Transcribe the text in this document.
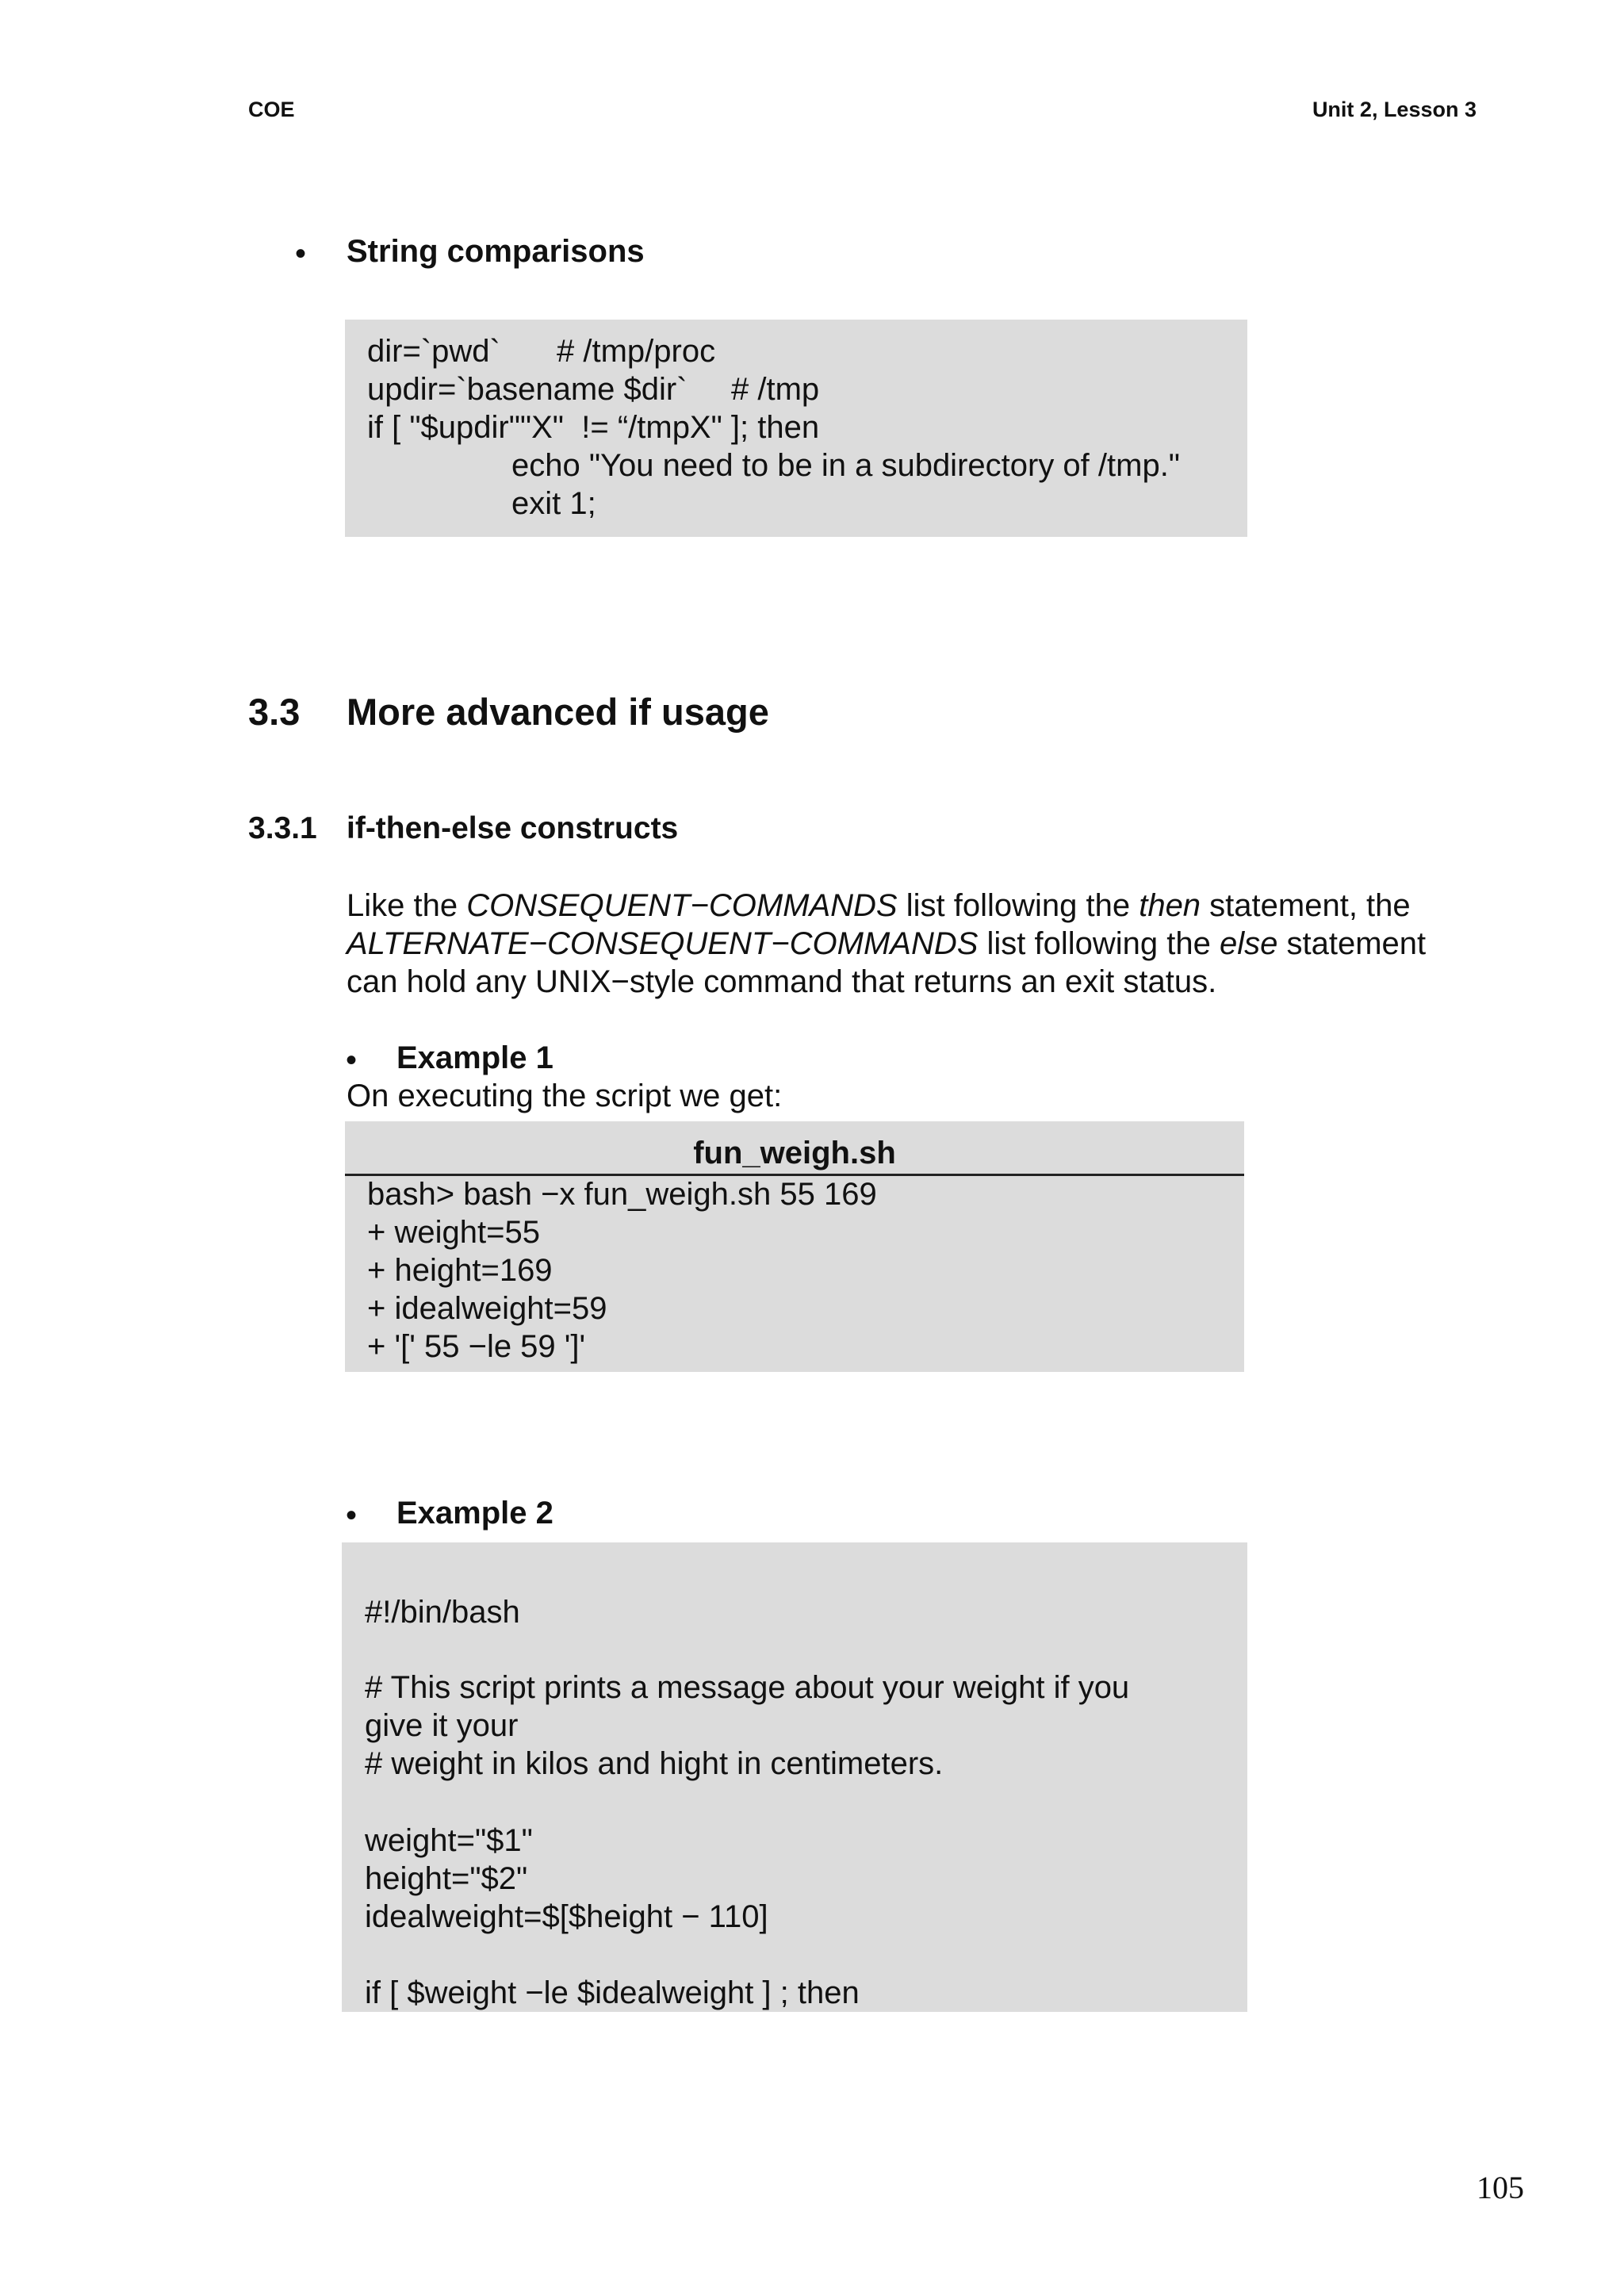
COE	Unit 2, Lesson 3
• String comparisons
dir=`pwd` # /tmp/proc
updir=`basename $dir` # /tmp
if [ "$updir""X"  != “/tmpX" ]; then
echo "You need to be in a subdirectory of /tmp."
exit 1;
3.3 More advanced if usage
3.3.1 if-then-else constructs
Like the CONSEQUENT−COMMANDS list following the then statement, the
ALTERNATE−CONSEQUENT−COMMANDS list following the else statement
can hold any UNIX−style command that returns an exit status.
• Example 1
On executing the script we get:
fun_weigh.sh
bash> bash −x fun_weigh.sh 55 169
+ weight=55
+ height=169
+ idealweight=59
+ '[' 55 −le 59 ']'
• Example 2
#!/bin/bash
# This script prints a message about your weight if you
give it your
# weight in kilos and hight in centimeters.
weight="$1"
height="$2"
idealweight=$[$height − 110]
if [ $weight −le $idealweight ] ; then
105
